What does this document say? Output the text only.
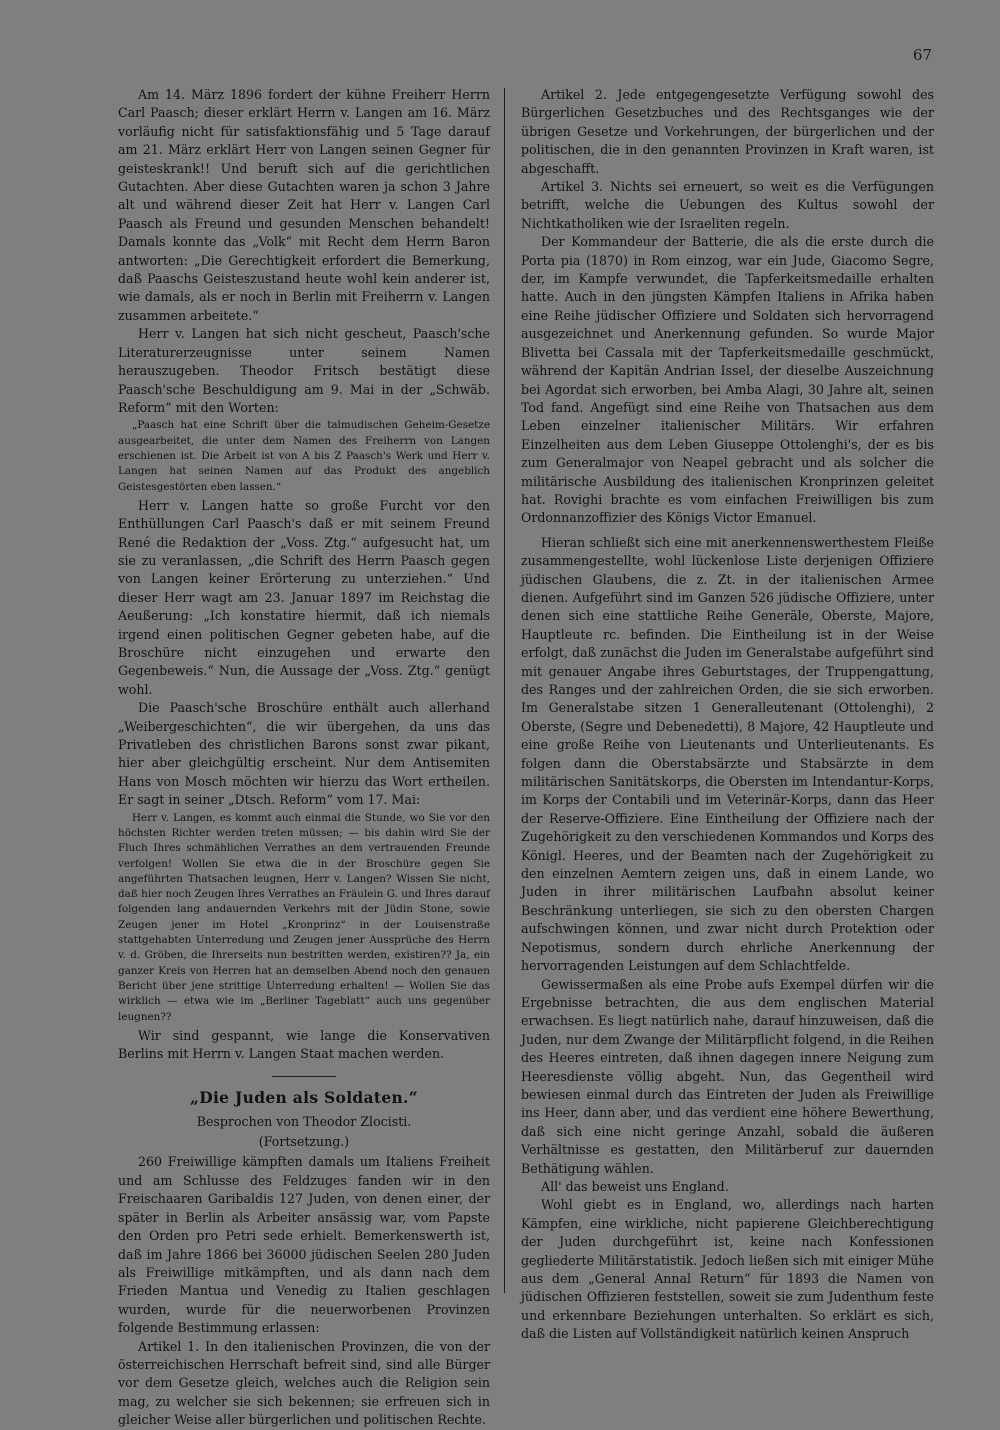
67

Am 14. März 1896 fordert der kühne Freiherr Herrn Carl Paasch; dieser erklärt Herrn v. Langen am 16. März vorläufig nicht für satisfaktionsfähig und 5 Tage darauf am 21. März erklärt Herr von Langen seinen Gegner für geisteskrank!! Und beruft sich auf die gerichtlichen Gutachten. Aber diese Gutachten waren ja schon 3 Jahre alt und während dieser Zeit hat Herr v. Langen Carl Paasch als Freund und gesunden Menschen behandelt! Damals konnte das „Volk“ mit Recht dem Herrn Baron antworten: „Die Gerechtigkeit erfordert die Bemerkung, daß Paaschs Geisteszustand heute wohl kein anderer ist, wie damals, als er noch in Berlin mit Freiherrn v. Langen zusammen arbeitete.“

Herr v. Langen hat sich nicht gescheut, Paasch'sche Literaturerzeugnisse unter seinem Namen herauszugeben. Theodor Fritsch bestätigt diese Paasch'sche Beschuldigung am 9. Mai in der „Schwäb. Reform“ mit den Worten:

„Paasch hat eine Schrift über die talmudischen Geheim-Gesetze ausgearbeitet, die unter dem Namen des Freiherrn von Langen erschienen ist. Die Arbeit ist von A bis Z Paasch's Werk und Herr v. Langen hat seinen Namen auf das Produkt des angeblich Geistesgestörten eben lassen.“

Herr v. Langen hatte so große Furcht vor den Enthüllungen Carl Paasch's daß er mit seinem Freund René die Redaktion der „Voss. Ztg.“ aufgesucht hat, um sie zu veranlassen, „die Schrift des Herrn Paasch gegen von Langen keiner Erörterung zu unterziehen.“ Und dieser Herr wagt am 23. Januar 1897 im Reichstag die Aeußerung: „Ich konstatire hiermit, daß ich niemals irgend einen politischen Gegner gebeten habe, auf die Broschüre nicht einzugehen und erwarte den Gegenbeweis.“ Nun, die Aussage der „Voss. Ztg.“ genügt wohl.

Die Paasch'sche Broschüre enthält auch allerhand „Weibergeschichten“, die wir übergehen, da uns das Privatleben des christlichen Barons sonst zwar pikant, hier aber gleichgültig erscheint. Nur dem Antisemiten Hans von Mosch möchten wir hierzu das Wort ertheilen. Er sagt in seiner „Dtsch. Reform“ vom 17. Mai:

Herr v. Langen, es kommt auch einmal die Stunde, wo Sie vor den höchsten Richter werden treten müssen; — bis dahin wird Sie der Fluch Ihres schmählichen Verrathes an dem vertrauenden Freunde verfolgen! Wollen Sie etwa die in der Broschüre gegen Sie angeführten Thatsachen leugnen, Herr v. Langen? Wissen Sie nicht, daß hier noch Zeugen Ihres Verrathes an Fräulein G. und Ihres darauf folgenden lang andauernden Verkehrs mit der Jüdin Stone, sowie Zeugen jener im Hotel „Kronprinz“ in der Louisenstraße stattgehabten Unterredung und Zeugen jener Aussprüche des Herrn v. d. Gröben, die Ihrerseits nun bestritten werden, existiren?? Ja, ein ganzer Kreis von Herren hat an demselben Abend noch den genauen Bericht über jene strittige Unterredung erhalten! — Wollen Sie das wirklich — etwa wie im „Berliner Tageblatt“ auch uns gegenüber leugnen??

Wir sind gespannt, wie lange die Konservativen Berlins mit Herrn v. Langen Staat machen werden.

„Die Juden als Soldaten.“

Besprochen von Theodor Zlocisti.

(Fortsetzung.)

260 Freiwillige kämpften damals um Italiens Freiheit und am Schlusse des Feldzuges fanden wir in den Freischaaren Garibaldis 127 Juden, von denen einer, der später in Berlin als Arbeiter ansässig war, vom Papste den Orden pro Petri sede erhielt. Bemerkenswerth ist, daß im Jahre 1866 bei 36000 jüdischen Seelen 280 Juden als Freiwillige mitkämpften, und als dann nach dem Frieden Mantua und Venedig zu Italien geschlagen wurden, wurde für die neuerworbenen Provinzen folgende Bestimmung erlassen:

Artikel 1. In den italienischen Provinzen, die von der österreichischen Herrschaft befreit sind, sind alle Bürger vor dem Gesetze gleich, welches auch die Religion sein mag, zu welcher sie sich bekennen; sie erfreuen sich in gleicher Weise aller bürgerlichen und politischen Rechte.

Artikel 2. Jede entgegengesetzte Verfügung sowohl des Bürgerlichen Gesetzbuches und des Rechtsganges wie der übrigen Gesetze und Vorkehrungen, der bürgerlichen und der politischen, die in den genannten Provinzen in Kraft waren, ist abgeschafft.

Artikel 3. Nichts sei erneuert, so weit es die Verfügungen betrifft, welche die Uebungen des Kultus sowohl der Nichtkatholiken wie der Israeliten regeln.

Der Kommandeur der Batterie, die als die erste durch die Porta pia (1870) in Rom einzog, war ein Jude, Giacomo Segre, der, im Kampfe verwundet, die Tapferkeitsmedaille erhalten hatte. Auch in den jüngsten Kämpfen Italiens in Afrika haben eine Reihe jüdischer Offiziere und Soldaten sich hervorragend ausgezeichnet und Anerkennung gefunden. So wurde Major Blivetta bei Cassala mit der Tapferkeitsmedaille geschmückt, während der Kapitän Andrian Issel, der dieselbe Auszeichnung bei Agordat sich erworben, bei Amba Alagi, 30 Jahre alt, seinen Tod fand. Angefügt sind eine Reihe von Thatsachen aus dem Leben einzelner italienischer Militärs. Wir erfahren Einzelheiten aus dem Leben Giuseppe Ottolenghi's, der es bis zum Generalmajor von Neapel gebracht und als solcher die militärische Ausbildung des italienischen Kronprinzen geleitet hat. Rovighi brachte es vom einfachen Freiwilligen bis zum Ordonnanzoffizier des Königs Victor Emanuel.

Hieran schließt sich eine mit anerkennenswerthestem Fleiße zusammengestellte, wohl lückenlose Liste derjenigen Offiziere jüdischen Glaubens, die z. Zt. in der italienischen Armee dienen. Aufgeführt sind im Ganzen 526 jüdische Offiziere, unter denen sich eine stattliche Reihe Generäle, Oberste, Majore, Hauptleute rc. befinden. Die Eintheilung ist in der Weise erfolgt, daß zunächst die Juden im Generalstabe aufgeführt sind mit genauer Angabe ihres Geburtstages, der Truppengattung, des Ranges und der zahlreichen Orden, die sie sich erworben. Im Generalstabe sitzen 1 Generalleutenant (Ottolenghi), 2 Oberste, (Segre und Debenedetti), 8 Majore, 42 Hauptleute und eine große Reihe von Lieutenants und Unterlieutenants. Es folgen dann die Oberstabsärzte und Stabsärzte in dem militärischen Sanitätskorps, die Obersten im Intendantur-Korps, im Korps der Contabili und im Veterinär-Korps, dann das Heer der Reserve-Offiziere. Eine Eintheilung der Offiziere nach der Zugehörigkeit zu den verschiedenen Kommandos und Korps des Königl. Heeres, und der Beamten nach der Zugehörigkeit zu den einzelnen Aemtern zeigen uns, daß in einem Lande, wo Juden in ihrer militärischen Laufbahn absolut keiner Beschränkung unterliegen, sie sich zu den obersten Chargen aufschwingen können, und zwar nicht durch Protektion oder Nepotismus, sondern durch ehrliche Anerkennung der hervorragenden Leistungen auf dem Schlachtfelde.

Gewissermaßen als eine Probe aufs Exempel dürfen wir die Ergebnisse betrachten, die aus dem englischen Material erwachsen. Es liegt natürlich nahe, darauf hinzuweisen, daß die Juden, nur dem Zwange der Militärpflicht folgend, in die Reihen des Heeres eintreten, daß ihnen dagegen innere Neigung zum Heeresdienste völlig abgeht. Nun, das Gegentheil wird bewiesen einmal durch das Eintreten der Juden als Freiwillige ins Heer, dann aber, und das verdient eine höhere Bewerthung, daß sich eine nicht geringe Anzahl, sobald die äußeren Verhältnisse es gestatten, den Militärberuf zur dauernden Bethätigung wählen.

All' das beweist uns England.

Wohl giebt es in England, wo, allerdings nach harten Kämpfen, eine wirkliche, nicht papierene Gleichberechtigung der Juden durchgeführt ist, keine nach Konfessionen gegliederte Militärstatistik. Jedoch ließen sich mit einiger Mühe aus dem „General Annal Return“ für 1893 die Namen von jüdischen Offizieren feststellen, soweit sie zum Judenthum feste und erkennbare Beziehungen unterhalten. So erklärt es sich, daß die Listen auf Vollständigkeit natürlich keinen Anspruch
